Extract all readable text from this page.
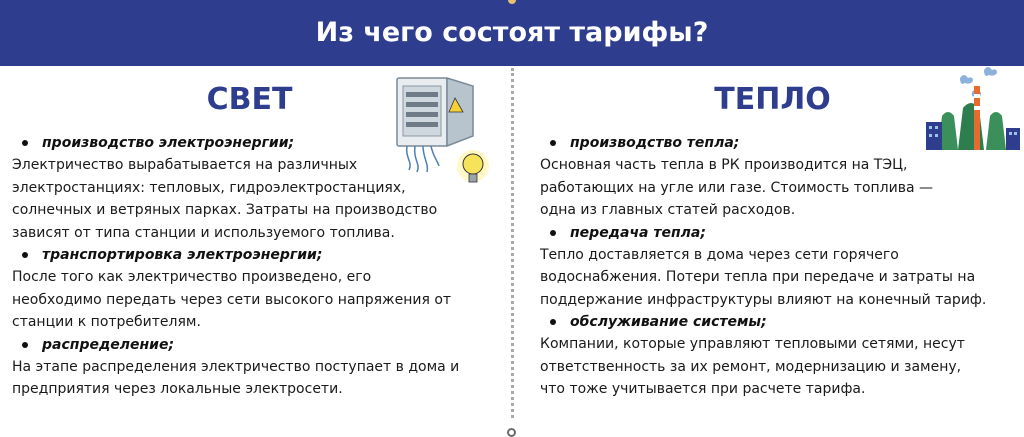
Из чего состоят тарифы?
СВЕТ
производство электроэнергии;

Электричество вырабатывается на различных
электростанциях: тепловых, гидроэлектростанциях,
солнечных и ветряных парках. Затраты на производство
зависят от типа станции и используемого топлива.

транспортировка электроэнергии;

После того как электричество произведено, его
необходимо передать через сети высокого напряжения от
станции к потребителям.

распределение;

На этапе распределения электричество поступает в дома и
предприятия через локальные электросети.

ТЕПЛО
производство тепла;

Основная часть тепла в РК производится на ТЭЦ,
работающих на угле или газе. Стоимость топлива —
одна из главных статей расходов.

передача тепла;

Тепло доставляется в дома через сети горячего
водоснабжения. Потери тепла при передаче и затраты на
поддержание инфраструктуры влияют на конечный тариф.

обслуживание системы;

Компании, которые управляют тепловыми сетями, несут
ответственность за их ремонт, модернизацию и замену,
что тоже учитывается при расчете тарифа.
